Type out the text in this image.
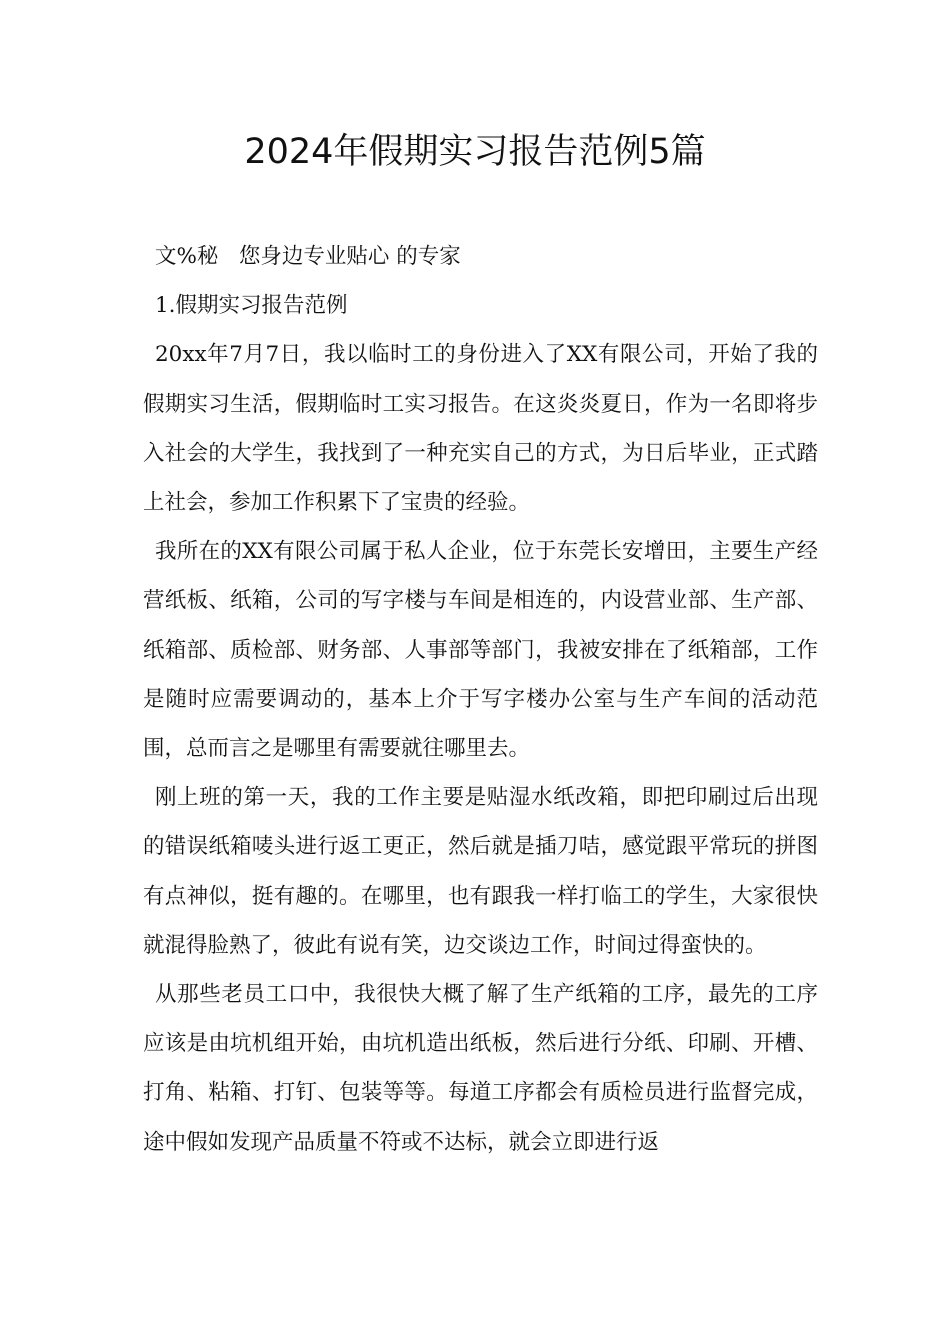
2024年假期实习报告范例5篇

文%秘   您身边专业贴心 的专家

1.假期实习报告范例

20xx年7月7日，我以临时工的身份进入了XX有限公司，开始了我的假期实习生活，假期临时工实习报告。在这炎炎夏日，作为一名即将步入社会的大学生，我找到了一种充实自己的方式，为日后毕业，正式踏上社会，参加工作积累下了宝贵的经验。

我所在的XX有限公司属于私人企业，位于东莞长安增田，主要生产经营纸板、纸箱，公司的写字楼与车间是相连的，内设营业部、生产部、纸箱部、质检部、财务部、人事部等部门，我被安排在了纸箱部，工作是随时应需要调动的，基本上介于写字楼办公室与生产车间的活动范围，总而言之是哪里有需要就往哪里去。

刚上班的第一天，我的工作主要是贴湿水纸改箱，即把印刷过后出现的错误纸箱唛头进行返工更正，然后就是插刀咭，感觉跟平常玩的拼图有点神似，挺有趣的。在哪里，也有跟我一样打临工的学生，大家很快就混得脸熟了，彼此有说有笑，边交谈边工作，时间过得蛮快的。

从那些老员工口中，我很快大概了解了生产纸箱的工序，最先的工序应该是由坑机组开始，由坑机造出纸板，然后进行分纸、印刷、开槽、打角、粘箱、打钉、包装等等。每道工序都会有质检员进行监督完成，途中假如发现产品质量不符或不达标，就会立即进行返
